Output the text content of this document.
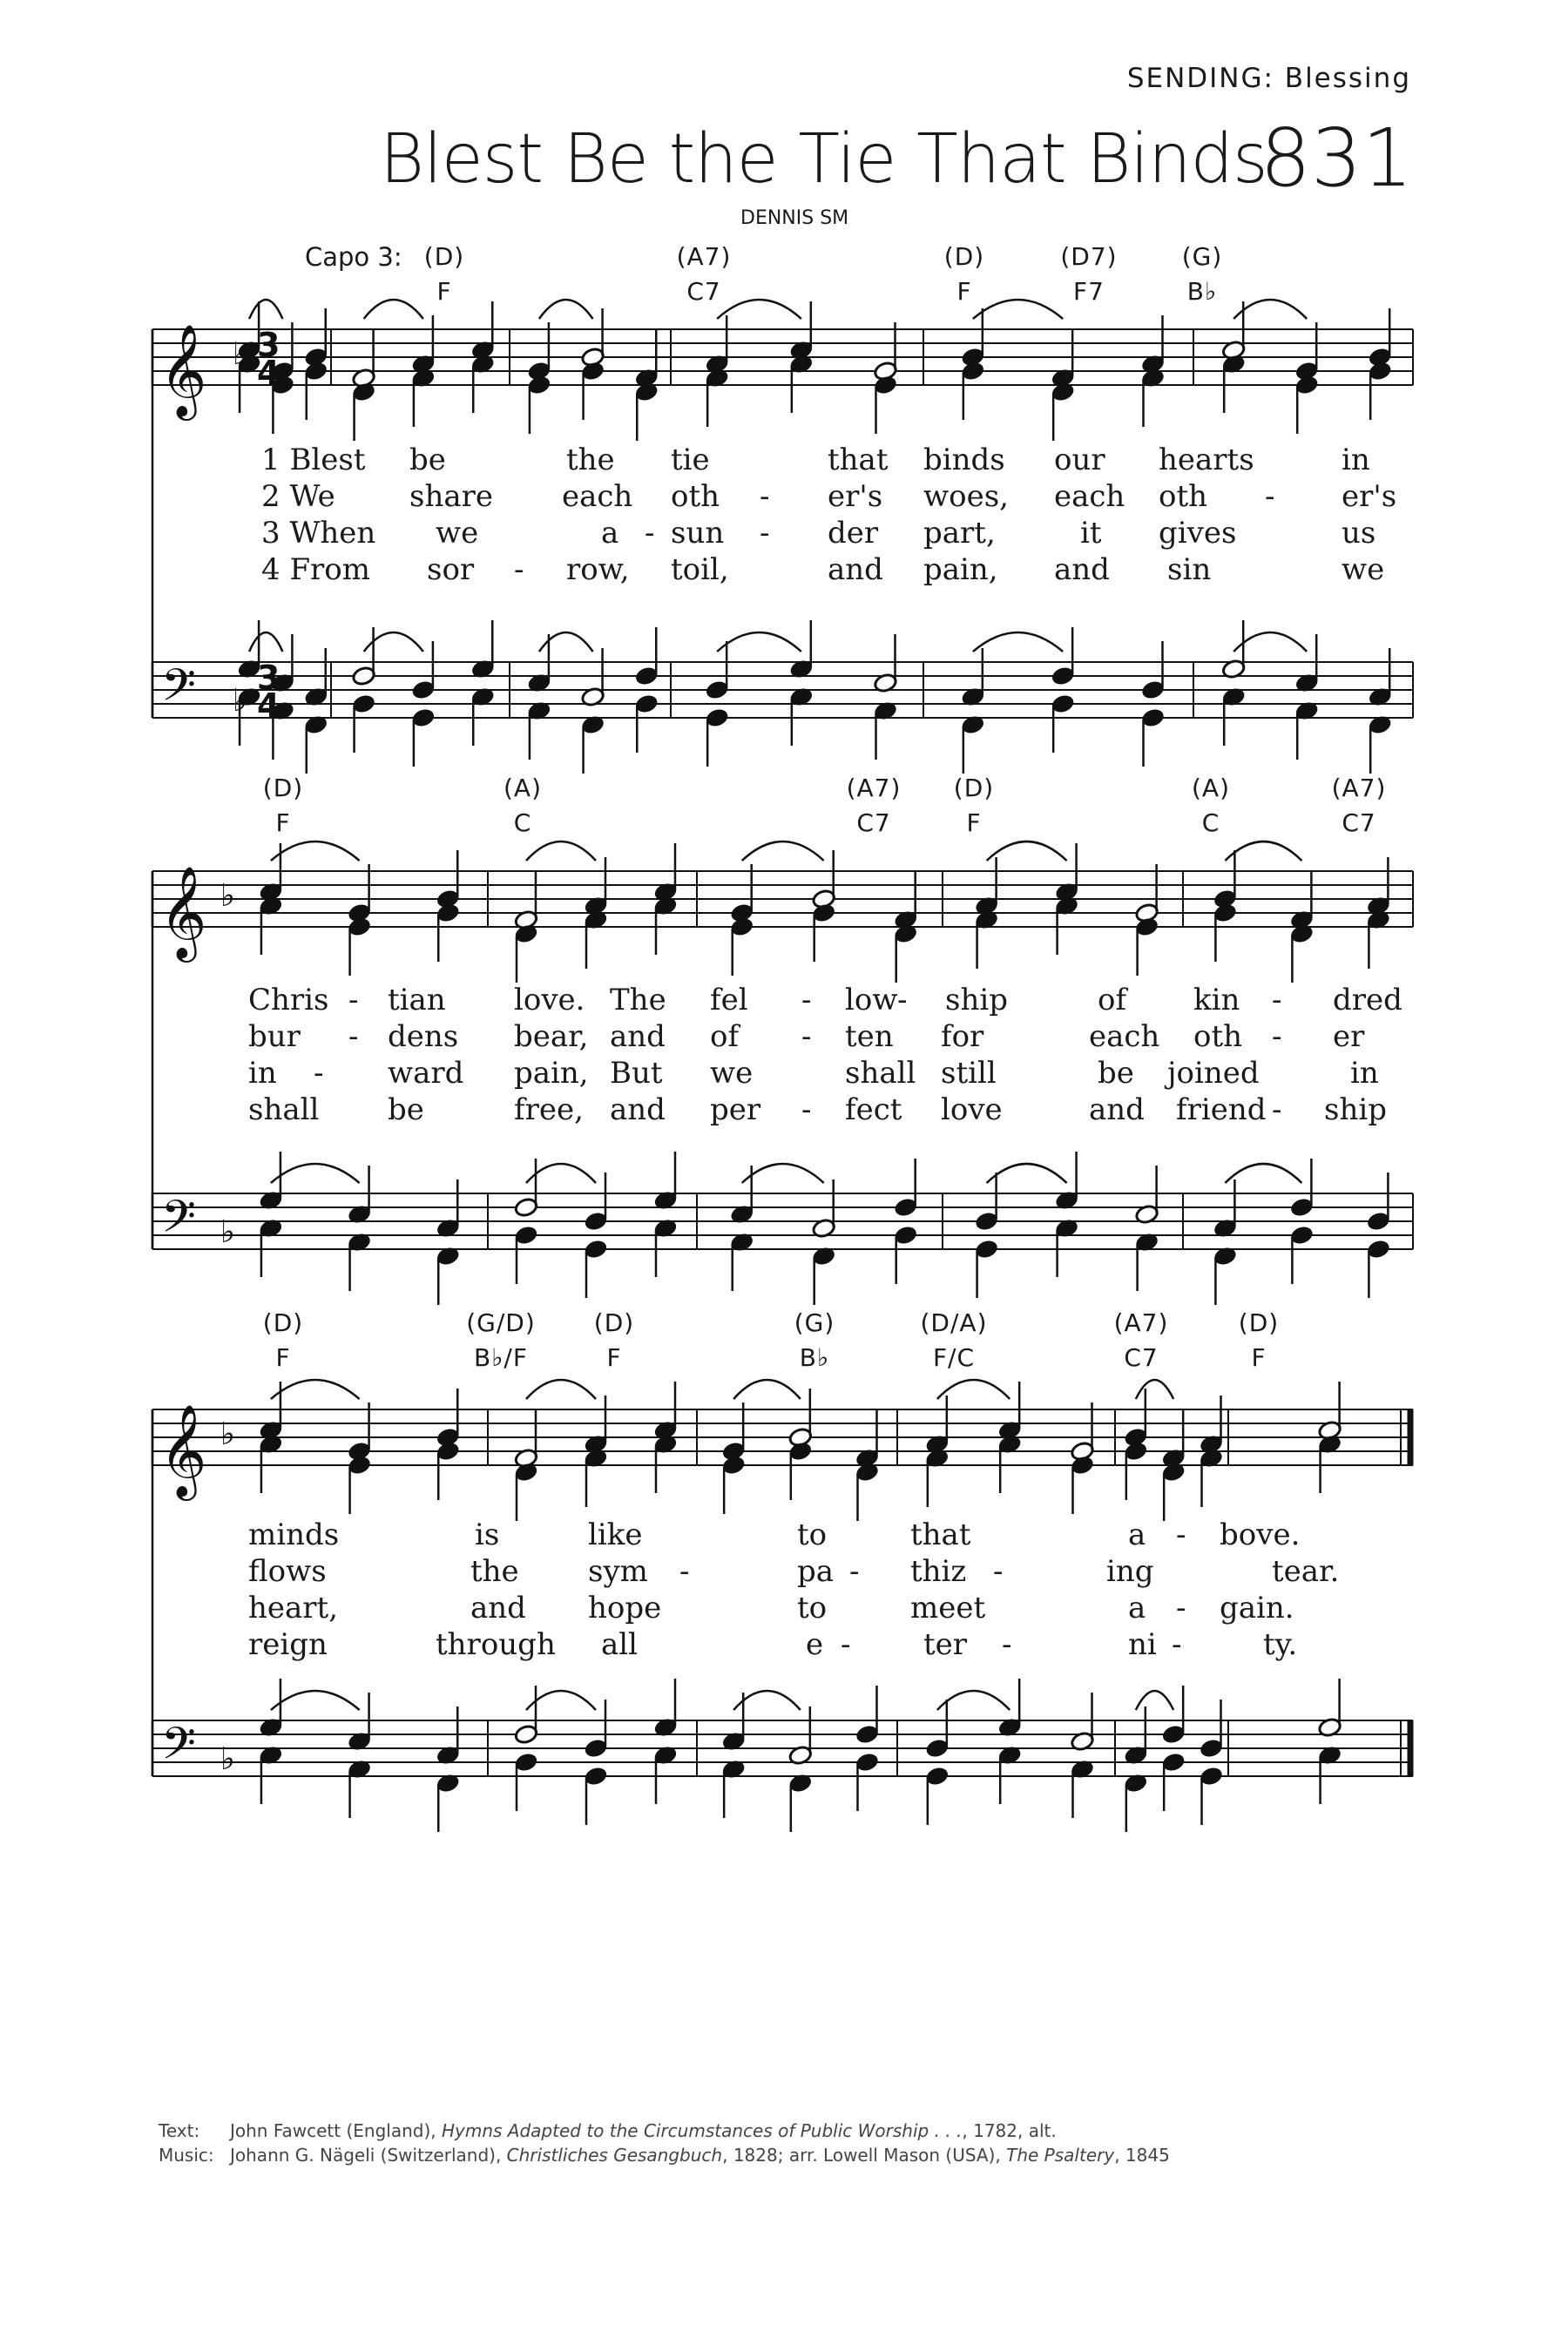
SENDING: Blessing
Blest Be the Tie That Binds
831
DENNIS SM
Capo 3:
𝄞 ♭ 3
4
𝄢 ♭
3
4
𝄞 ♭
𝄢 ♭
𝄞 ♭
𝄢 ♭
(D)
F
(A7)
C7
(D)
F
(D7)
F7
(G)
B♭
(D)
F
(A)
C
(A7)
C7
(D)
F
(A)
C
(A7)
C7
(D)
F
(G/D)
B♭/F
(D)
F
(G)
B♭
(D/A)
F/C
(A7)
C7
(D)
F
1 Blest be	the tie	that binds our hearts	in
2 We	share each oth - er's woes, each oth - er's
3 When we	a - sun - der part,	it gives	us
4 From sor - row, toil,	and pain, and sin	we
Chris - tian love. The fel - low - ship	of kin - dred
bur - dens bear, and of - ten for	each oth - er
in - ward pain, But we	shall still	be joined	in
shall be	free, and per - fect love	and friend - ship
minds	is	like	to	that	a - bove.
flows	the sym -	pa - thiz -	ing	tear.
heart,	and hope	to	meet	a - gain.
reign	through all	e - ter -	ni -	ty.
Text: John Fawcett (England), Hymns Adapted to the Circumstances of Public Worship . . ., 1782, alt.
Music: Johann G. Nägeli (Switzerland), Christliches Gesangbuch, 1828; arr. Lowell Mason (USA), The Psaltery, 1845
